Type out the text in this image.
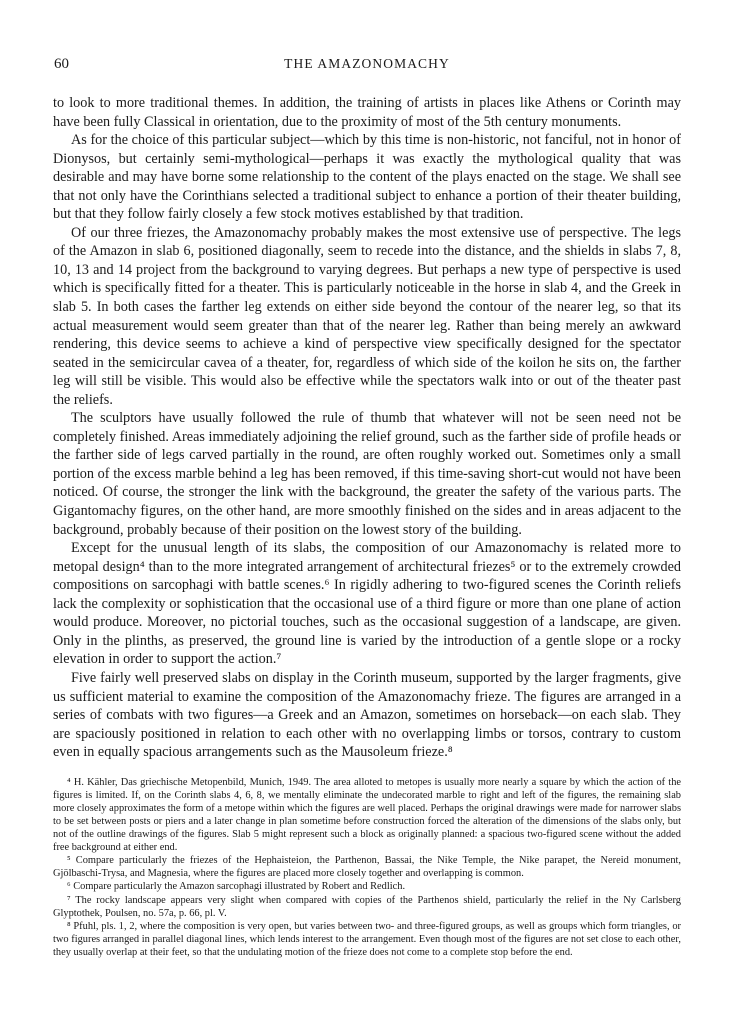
60	THE AMAZONOMACHY

to look to more traditional themes. In addition, the training of artists in places like Athens or Corinth may have been fully Classical in orientation, due to the proximity of most of the 5th century monuments.

As for the choice of this particular subject—which by this time is non-historic, not fanciful, not in honor of Dionysos, but certainly semi-mythological—perhaps it was exactly the mythological quality that was desirable and may have borne some relationship to the content of the plays enacted on the stage. We shall see that not only have the Corinthians selected a traditional subject to enhance a portion of their theater building, but that they follow fairly closely a few stock motives established by that tradition.

Of our three friezes, the Amazonomachy probably makes the most extensive use of perspective. The legs of the Amazon in slab 6, positioned diagonally, seem to recede into the distance, and the shields in slabs 7, 8, 10, 13 and 14 project from the background to varying degrees. But perhaps a new type of perspective is used which is specifically fitted for a theater. This is particularly noticeable in the horse in slab 4, and the Greek in slab 5. In both cases the farther leg extends on either side beyond the contour of the nearer leg, so that its actual measurement would seem greater than that of the nearer leg. Rather than being merely an awkward rendering, this device seems to achieve a kind of perspective view specifically designed for the spectator seated in the semicircular cavea of a theater, for, regardless of which side of the koilon he sits on, the farther leg will still be visible. This would also be effective while the spectators walk into or out of the theater past the reliefs.

The sculptors have usually followed the rule of thumb that whatever will not be seen need not be completely finished. Areas immediately adjoining the relief ground, such as the farther side of profile heads or the farther side of legs carved partially in the round, are often roughly worked out. Sometimes only a small portion of the excess marble behind a leg has been removed, if this time-saving short-cut would not have been noticed. Of course, the stronger the link with the background, the greater the safety of the various parts. The Gigantomachy figures, on the other hand, are more smoothly finished on the sides and in areas adjacent to the background, probably because of their position on the lowest story of the building.

Except for the unusual length of its slabs, the composition of our Amazonomachy is related more to metopal design⁴ than to the more integrated arrangement of architectural friezes⁵ or to the extremely crowded compositions on sarcophagi with battle scenes.⁶ In rigidly adhering to two-figured scenes the Corinth reliefs lack the complexity or sophistication that the occasional use of a third figure or more than one plane of action would produce. Moreover, no pictorial touches, such as the occasional suggestion of a landscape, are given. Only in the plinths, as preserved, the ground line is varied by the introduction of a gentle slope or a rocky elevation in order to support the action.⁷

Five fairly well preserved slabs on display in the Corinth museum, supported by the larger fragments, give us sufficient material to examine the composition of the Amazonomachy frieze. The figures are arranged in a series of combats with two figures—a Greek and an Amazon, sometimes on horseback—on each slab. They are spaciously positioned in relation to each other with no overlapping limbs or torsos, contrary to custom even in equally spacious arrangements such as the Mausoleum frieze.⁸

⁴ H. Kähler, Das griechische Metopenbild, Munich, 1949. The area alloted to metopes is usually more nearly a square by which the action of the figures is limited. If, on the Corinth slabs 4, 6, 8, we mentally eliminate the undecorated marble to right and left of the figures, the remaining slab more closely approximates the form of a metope within which the figures are well placed. Perhaps the original drawings were made for narrower slabs to be set between posts or piers and a later change in plan sometime before construction forced the alteration of the dimensions of the slabs only, but not of the outline drawings of the figures. Slab 5 might represent such a block as originally planned: a spacious two-figured scene without the added free background at either end.

⁵ Compare particularly the friezes of the Hephaisteion, the Parthenon, Bassai, the Nike Temple, the Nike parapet, the Nereid monument, Gjölbaschi-Trysa, and Magnesia, where the figures are placed more closely together and overlapping is common.

⁶ Compare particularly the Amazon sarcophagi illustrated by Robert and Redlich.

⁷ The rocky landscape appears very slight when compared with copies of the Parthenos shield, particularly the relief in the Ny Carlsberg Glyptothek, Poulsen, no. 57a, p. 66, pl. V.

⁸ Pfuhl, pls. 1, 2, where the composition is very open, but varies between two- and three-figured groups, as well as groups which form triangles, or two figures arranged in parallel diagonal lines, which lends interest to the arrangement. Even though most of the figures are not set close to each other, they usually overlap at their feet, so that the undulating motion of the frieze does not come to a complete stop before the end.
